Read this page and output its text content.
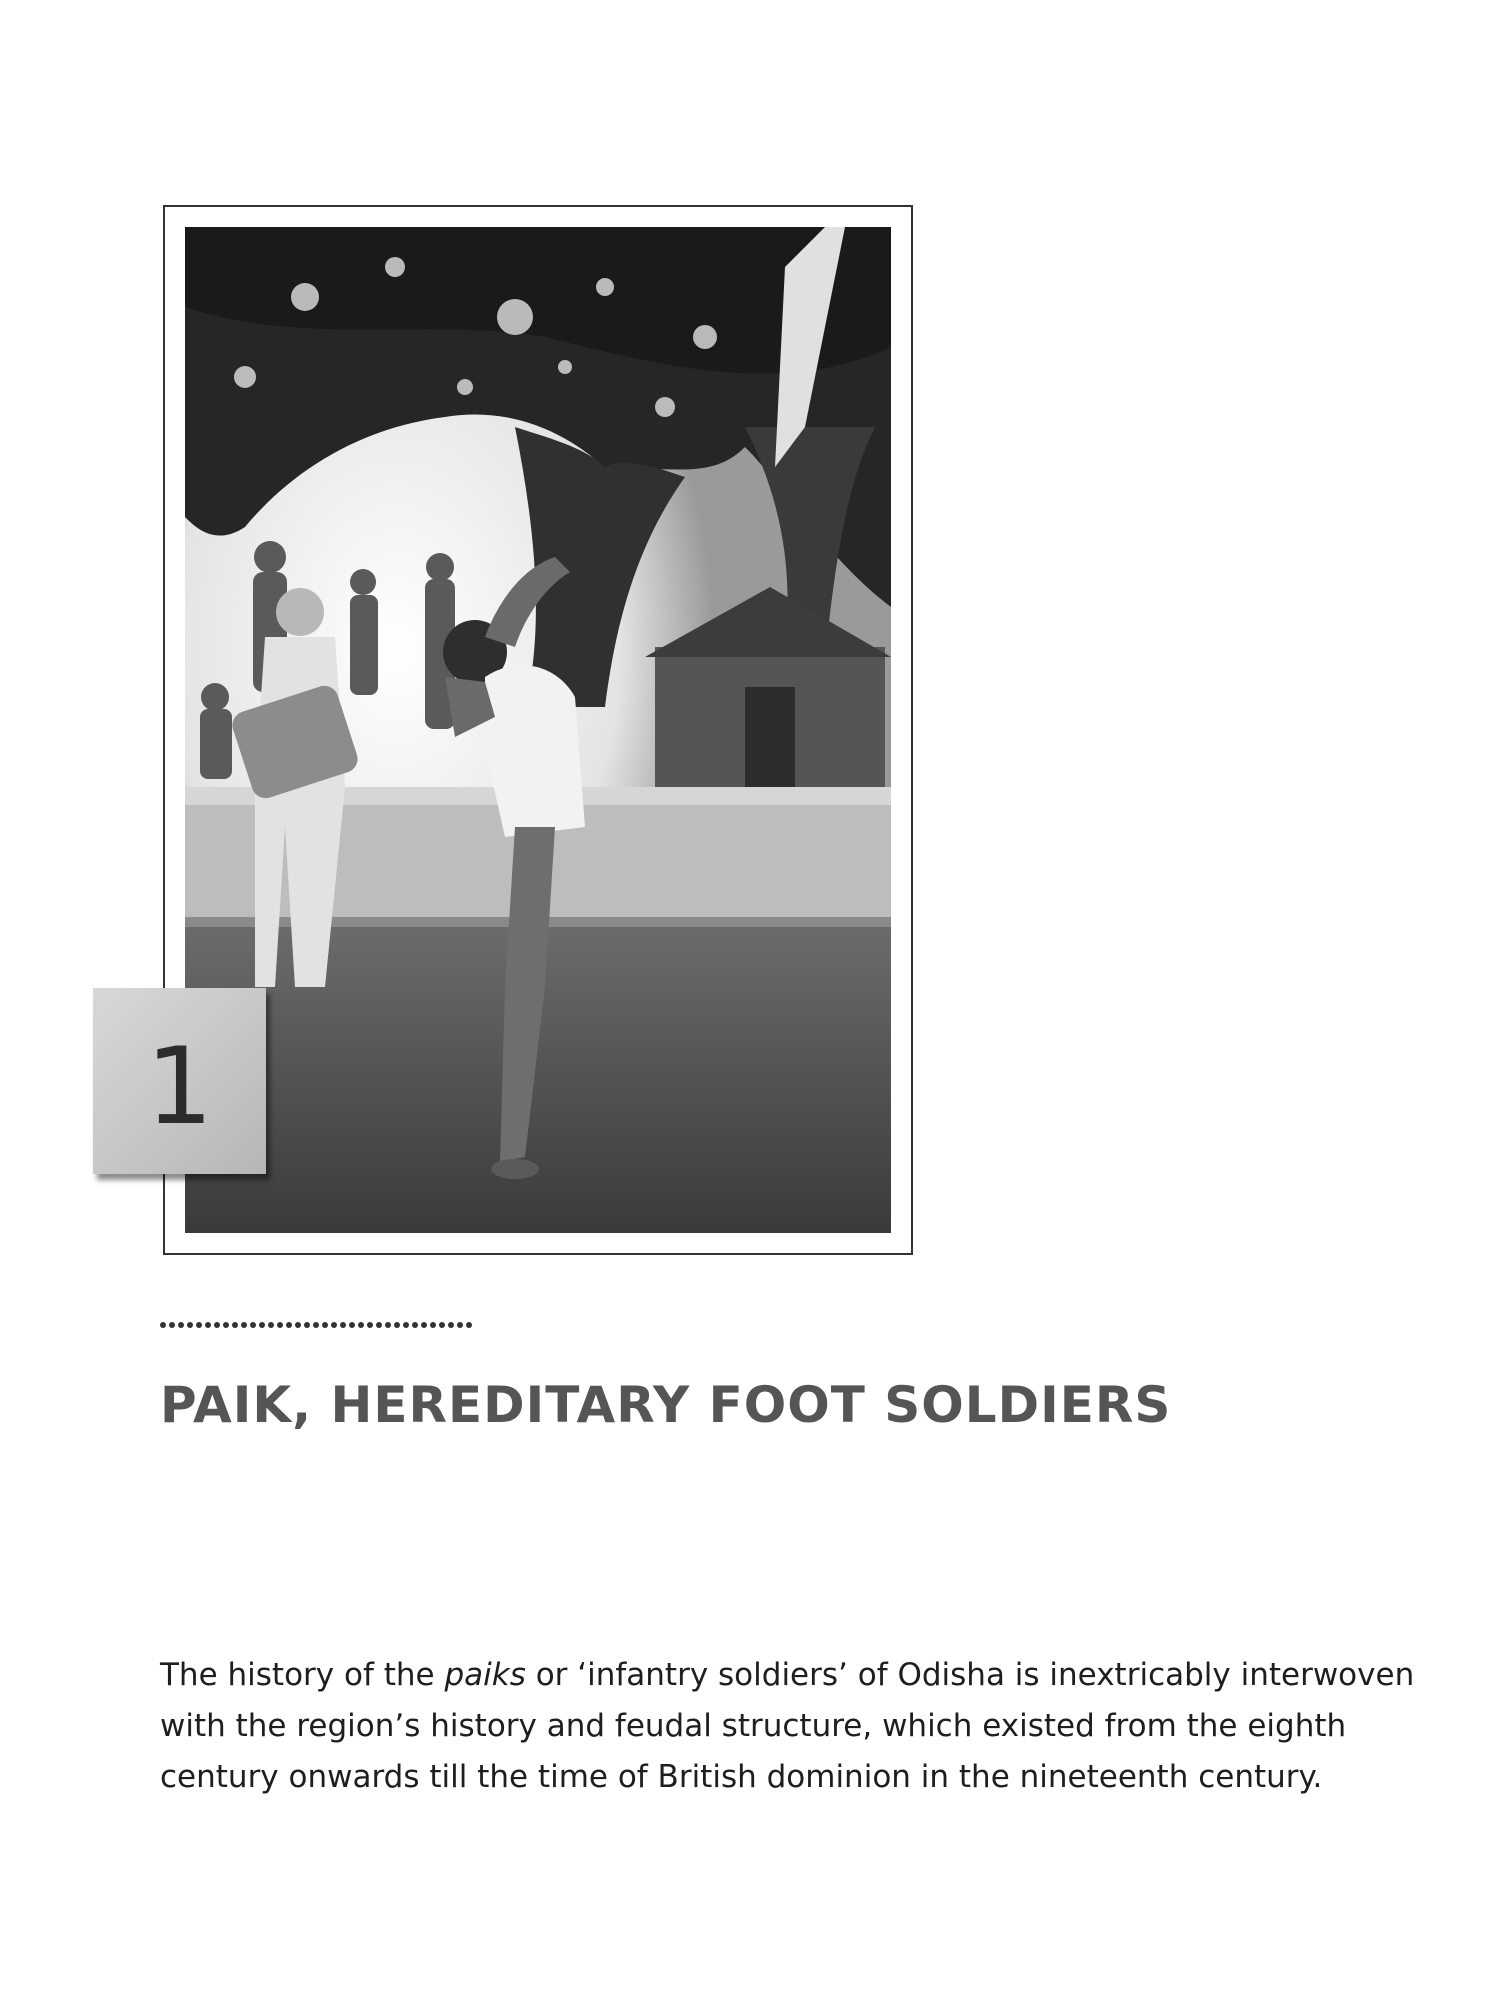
1
PAIK, HEREDITARY FOOT SOLDIERS

The history of the paiks or ‘infantry soldiers’ of Odisha is inextricably interwoven with the region’s history and feudal structure, which existed from the eighth century onwards till the time of British dominion in the nineteenth century.
